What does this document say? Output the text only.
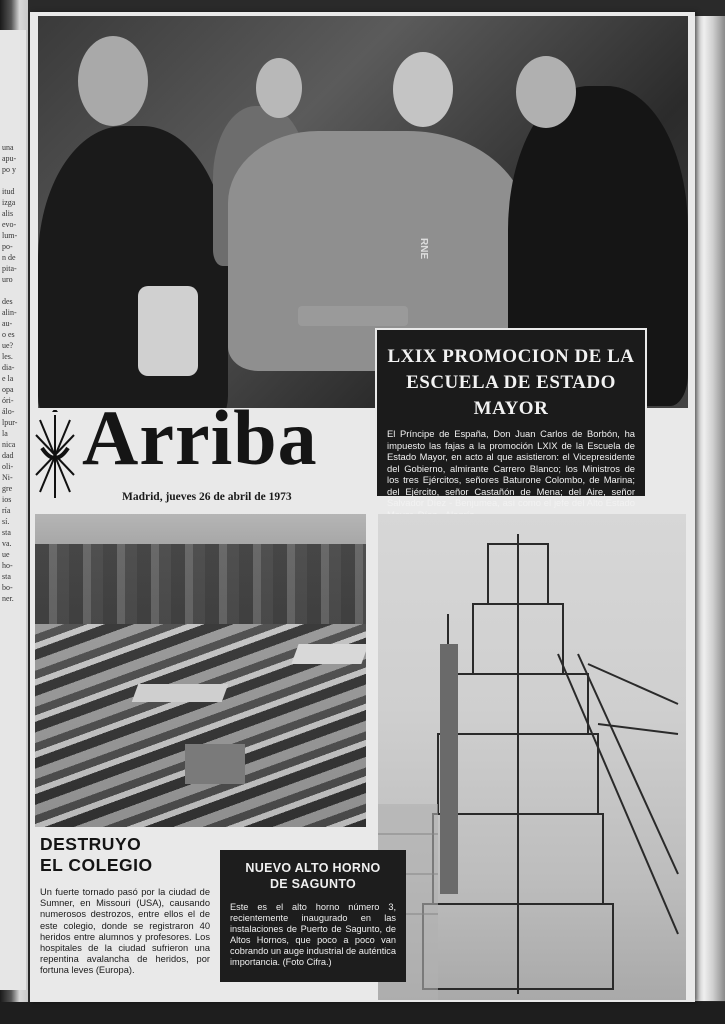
una
apu-
po y

itud
izga
alis
evo-
lum-
po-
n de
pita-
uro

des
alin-
au-
o es
ue?
les.
dia-
e la
opa
óri-
álo-
lpur-
la
nica
dad
oli-
Ni-
gre
ios
ría
sí.
sta
va.
ue
ho-
sta
bo-
ner.
RNE
LXIX PROMOCION DE LA
ESCUELA DE ESTADO MAYOR
El Príncipe de España, Don Juan Carlos de Borbón, ha impuesto las fajas a la promoción LXIX de la Escuela de Estado Mayor, en acto al que asistieron: el Vicepresidente del Gobierno, almirante Carrero Blanco; los Ministros de los tres Ejércitos, señores Baturone Colombo, de Marina; del Ejército, señor Castañón de Mena; del Aire, señor Salvador Díez - Benjumea, así como el jefe del Alto Estado
Arriba
Madrid, jueves 26 de abril de 1973
DESTRUYO
EL COLEGIO
Un fuerte tornado pasó por la ciudad de Sumner, en Missouri (USA), causando numerosos destrozos, entre ellos el de este colegio, donde se registraron 40 heridos entre alumnos y profesores. Los hospitales de la ciudad sufrieron una repentina avalancha de heridos, por fortuna leves (Europa).
NUEVO ALTO HORNO
DE SAGUNTO
Este es el alto horno número 3, recientemente inaugurado en las instalaciones de Puerto de Sagunto, de Altos Hornos, que poco a poco van cobrando un auge industrial de auténtica importancia. (Foto Cifra.)
